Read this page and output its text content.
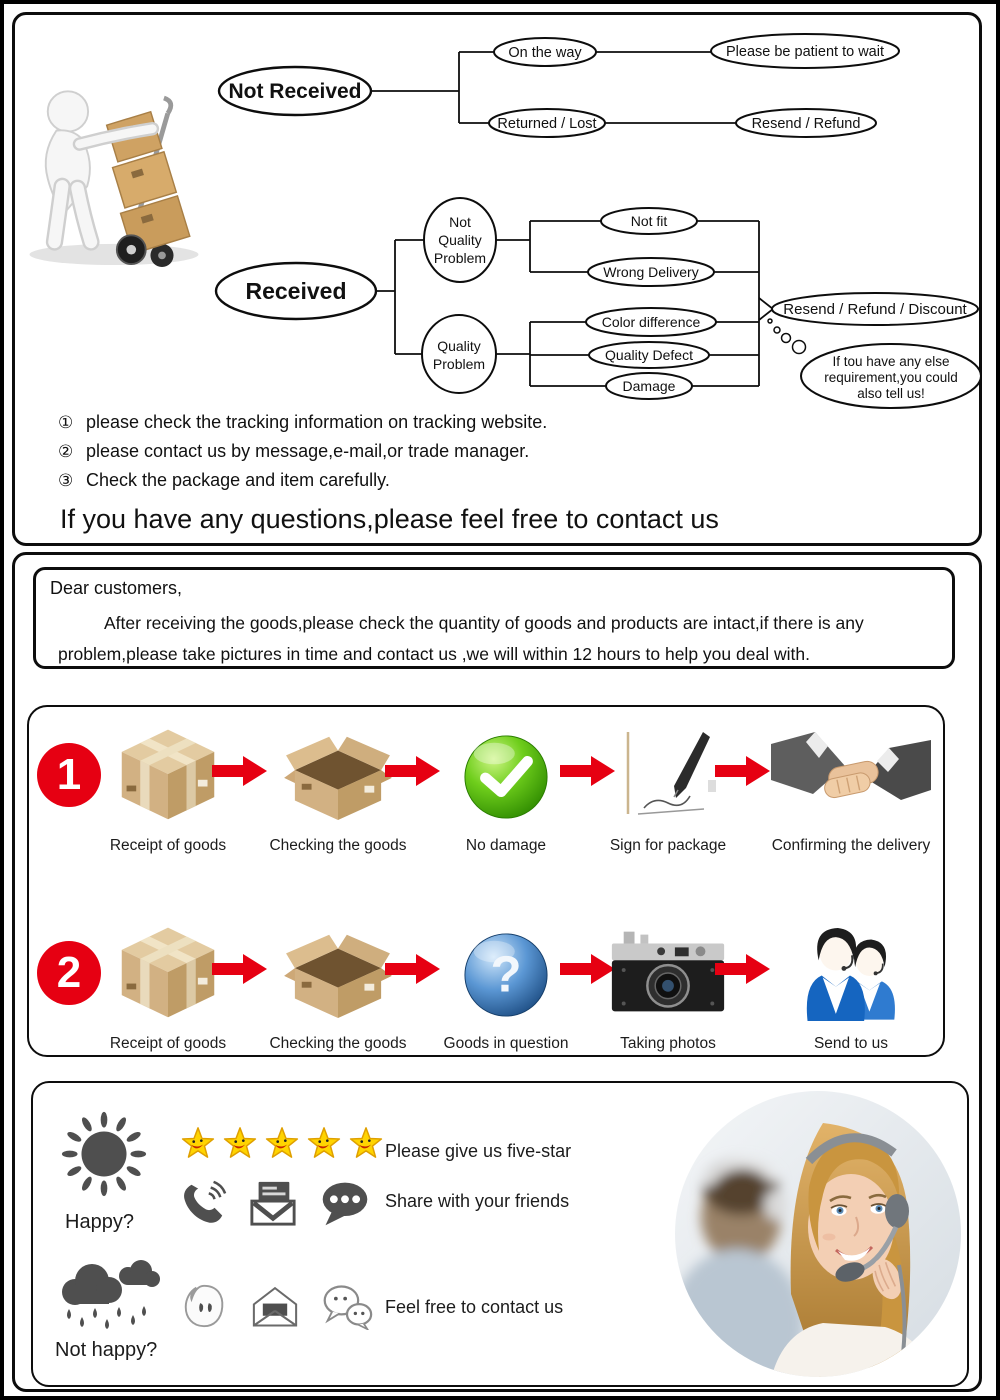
Not Received
On the way	Please be patient to wait
Returned / Lost	Resend / Refund
Received
Not
Quality
Problem
Quality
Problem
Not fit
Wrong Delivery
Color difference
Quality Defect
Damage
Resend / Refund / Discount
If tou have any else
requirement,you could
also tell us!
① please check the tracking information on tracking website.
② please contact us by message,e-mail,or trade manager.
③ Check the package and item carefully.
If you have any questions,please feel free to contact us
Dear customers,
After receiving the goods,please check the quantity of goods and products are intact,if there is any problem,please take pictures in time and contact us ,we will within 12 hours to help you deal with.
1
Receipt of goods	Checking the goods	No damage	Sign for package	Confirming the delivery
2
Receipt of goods	Checking the goods
?
Goods in question	Taking photos	Send to us
Happy?
Please give us five-star
Share with your friends
Not happy?
Feel free to contact us
